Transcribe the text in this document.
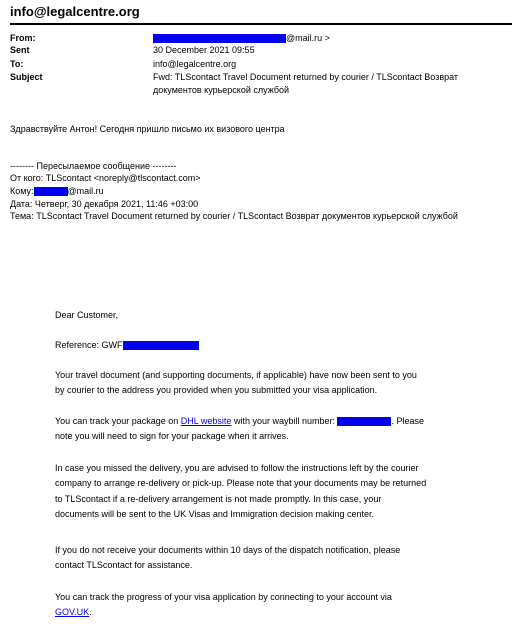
info@legalcentre.org
From:	@mail.ru >
Sent	30 December 2021 09:55
To:	info@legalcentre.org
Subject	Fwd: TLScontact Travel Document returned by courier / TLScontact Возврат
документов курьерской службой
Здравствуйте Антон! Сегодня пришло письмо их визового центра
-------- Пересылаемое сообщение --------
От кого: TLScontact <noreply@tlscontact.com>
Кому:	@mail.ru
Дата: Четверг, 30 декабря 2021, 11:46 +03:00
Тема: TLScontact Travel Document returned by courier / TLScontact Возврат документов курьерской службой
Dear Customer,
Reference: GWF
Your travel document (and supporting documents, if applicable) have now been sent to you
by courier to the address you provided when you submitted your visa application.
You can track your package on DHL website with your waybill number:	. Please
note you will need to sign for your package when it arrives.
In case you missed the delivery, you are advised to follow the instructions left by the courier
company to arrange re-delivery or pick-up. Please note that your documents may be returned
to TLScontact if a re-delivery arrangement is not made promptly. In this case, your
documents will be sent to the UK Visas and Immigration decision making center.
If you do not receive your documents within 10 days of the dispatch notification, please
contact TLScontact for assistance.
You can track the progress of your visa application by connecting to your account via
GOV.UK.
